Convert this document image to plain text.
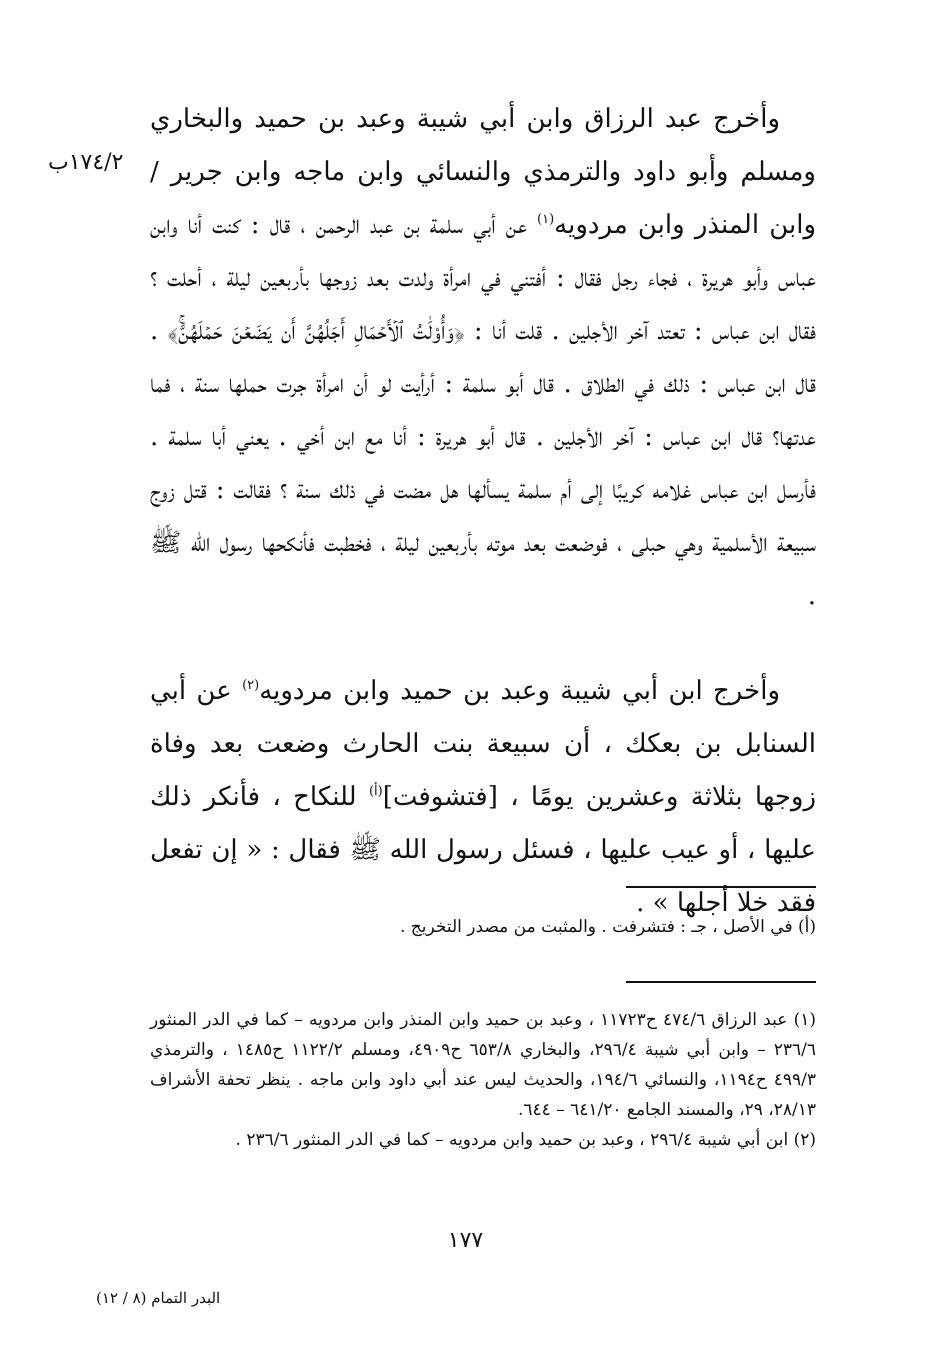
١٧٤/٢ب

وأخرج عبد الرزاق وابن أبي شيبة وعبد بن حميد والبخاري ومسلم وأبو داود والترمذي والنسائي وابن ماجه وابن جرير / وابن المنذر وابن مردويه$^{(١)}$ عن أبي سلمة بن عبد الرحمن ، قال : كنت أنا وابن عباس وأبو هريرة ، فجاء رجل فقال : أفتني في امرأة ولدت بعد زوجها بأربعين ليلة ، أحلت ؟ فقال ابن عباس : تعتد آخر الأجلين . قلت أنا : ﴿وَأُوْلَٰتُ ٱلۡأَحۡمَالِ أَجَلُهُنَّ أَن يَضَعۡنَ حَمۡلَهُنَّۚ﴾ . قال ابن عباس : ذلك في الطلاق . قال أبو سلمة : أرأيت لو أن امرأة جرت حملها سنة ، فما عدتها؟ قال ابن عباس : آخر الأجلين . قال أبو هريرة : أنا مع ابن أخي . يعني أبا سلمة . فأرسل ابن عباس غلامه كريبًا إلى أم سلمة يسألها هل مضت في ذلك سنة ؟ فقالت : قتل زوج سبيعة الأسلمية وهي حبلى ، فوضعت بعد موته بأربعين ليلة ، فخطبت فأنكحها رسول الله ﷺ .

وأخرج ابن أبي شيبة وعبد بن حميد وابن مردويه$^{(٢)}$ عن أبي السنابل بن بعكك ، أن سبيعة بنت الحارث وضعت بعد وفاة زوجها بثلاثة وعشرين يومًا ، [فتشوفت]$^{(أ)}$ للنكاح ، فأنكر ذلك عليها ، أو عيب عليها ، فسئل رسول الله ﷺ فقال : « إن تفعل فقد خلا أجلها » .

(أ) في الأصل ، جـ : فتشرفت . والمثبت من مصدر التخريج .

(١) عبد الرزاق ٤٧٤/٦ ح١١٧٢٣ ، وعبد بن حميد وابن المنذر وابن مردويه – كما في الدر المنثور ٢٣٦/٦ – وابن أبي شيبة ٢٩٦/٤، والبخاري ٦٥٣/٨ ح٤٩٠٩، ومسلم ١١٢٢/٢ ح١٤٨٥ ، والترمذي ٤٩٩/٣ ح١١٩٤، والنسائي ١٩٤/٦، والحديث ليس عند أبي داود وابن ماجه . ينظر تحفة الأشراف ٢٨/١٣، ٢٩، والمسند الجامع ٦٤١/٢٠ – ٦٤٤.

(٢) ابن أبي شيبة ٢٩٦/٤ ، وعبد بن حميد وابن مردويه – كما في الدر المنثور ٢٣٦/٦ .

١٧٧
البدر التمام (٨ / ١٢)
